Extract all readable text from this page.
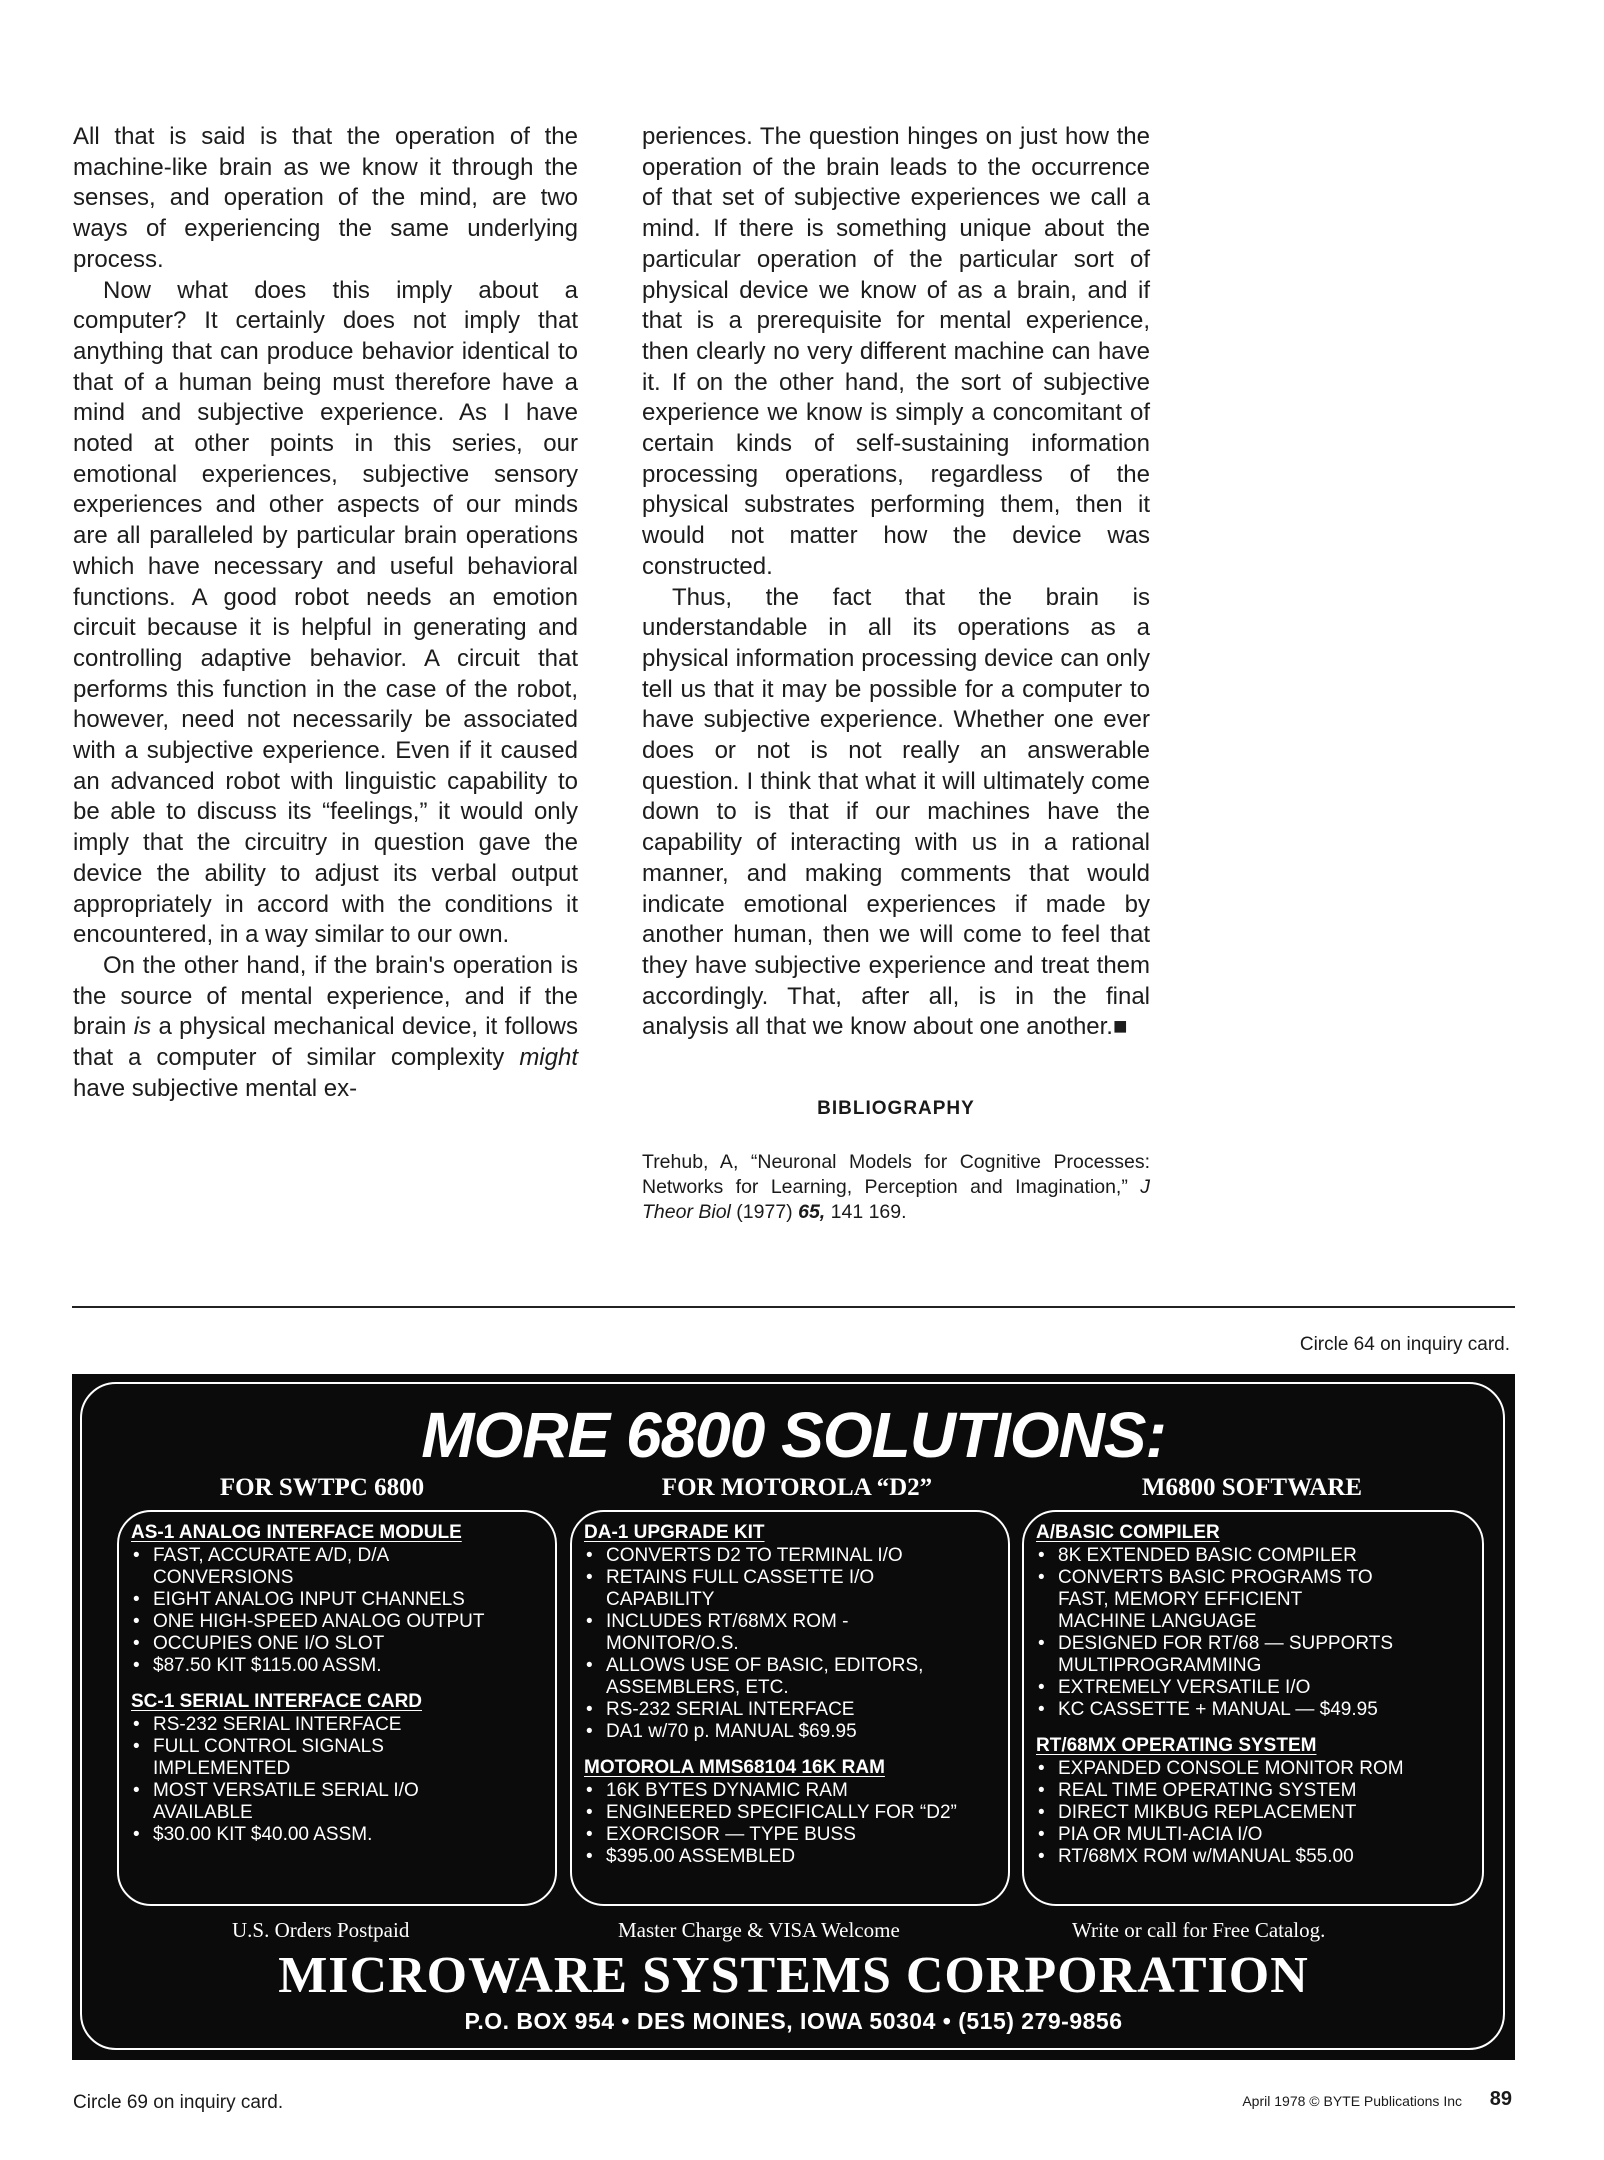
All that is said is that the operation of the machine-like brain as we know it through the senses, and operation of the mind, are two ways of experiencing the same underlying process.

Now what does this imply about a computer? It certainly does not imply that anything that can produce behavior identical to that of a human being must therefore have a mind and subjective experience. As I have noted at other points in this series, our emotional experiences, subjective sensory experiences and other aspects of our minds are all paralleled by particular brain operations which have necessary and useful behavioral functions. A good robot needs an emotion circuit because it is helpful in generating and controlling adaptive behavior. A circuit that performs this function in the case of the robot, however, need not necessarily be associated with a subjective experience. Even if it caused an advanced robot with linguistic capability to be able to discuss its “feelings,” it would only imply that the circuitry in question gave the device the ability to adjust its verbal output appropriately in accord with the conditions it encountered, in a way similar to our own.

On the other hand, if the brain's operation is the source of mental experience, and if the brain is a physical mechanical device, it follows that a computer of similar complexity might have subjective mental ex-

periences. The question hinges on just how the operation of the brain leads to the occurrence of that set of subjective experiences we call a mind. If there is something unique about the particular operation of the particular sort of physical device we know of as a brain, and if that is a prerequisite for mental experience, then clearly no very different machine can have it. If on the other hand, the sort of subjective experience we know is simply a concomitant of certain kinds of self-sustaining information processing operations, regardless of the physical substrates performing them, then it would not matter how the device was constructed.

Thus, the fact that the brain is understandable in all its operations as a physical information processing device can only tell us that it may be possible for a computer to have subjective experience. Whether one ever does or not is not really an answerable question. I think that what it will ultimately come down to is that if our machines have the capability of interacting with us in a rational manner, and making comments that would indicate emotional experiences if made by another human, then we will come to feel that they have subjective experience and treat them accordingly. That, after all, is in the final analysis all that we know about one another.■

BIBLIOGRAPHY
Trehub, A, “Neuronal Models for Cognitive Processes: Networks for Learning, Perception and Imagination,” J Theor Biol (1977) 65, 141 169.
Circle 64 on inquiry card.
MORE 6800 SOLUTIONS:
FOR SWTPC 6800	FOR MOTOROLA “D2”	M6800 SOFTWARE
AS-1 ANALOG INTERFACE MODULE
• FAST, ACCURATE A/D, D/A
CONVERSIONS
• EIGHT ANALOG INPUT CHANNELS
• ONE HIGH-SPEED ANALOG OUTPUT
• OCCUPIES ONE I/O SLOT
• $87.50 KIT $115.00 ASSM.
SC-1 SERIAL INTERFACE CARD
• RS-232 SERIAL INTERFACE
• FULL CONTROL SIGNALS
IMPLEMENTED
• MOST VERSATILE SERIAL I/O
AVAILABLE
• $30.00 KIT $40.00 ASSM.
DA-1 UPGRADE KIT
• CONVERTS D2 TO TERMINAL I/O
• RETAINS FULL CASSETTE I/O
CAPABILITY
• INCLUDES RT/68MX ROM -
MONITOR/O.S.
• ALLOWS USE OF BASIC, EDITORS,
ASSEMBLERS, ETC.
• RS-232 SERIAL INTERFACE
• DA1 w/70 p. MANUAL $69.95
MOTOROLA MMS68104 16K RAM
• 16K BYTES DYNAMIC RAM
• ENGINEERED SPECIFICALLY FOR “D2”
• EXORCISOR — TYPE BUSS
• $395.00 ASSEMBLED
A/BASIC COMPILER
• 8K EXTENDED BASIC COMPILER
• CONVERTS BASIC PROGRAMS TO
FAST, MEMORY EFFICIENT
MACHINE LANGUAGE
• DESIGNED FOR RT/68 — SUPPORTS
MULTIPROGRAMMING
• EXTREMELY VERSATILE I/O
• KC CASSETTE + MANUAL — $49.95
RT/68MX OPERATING SYSTEM
• EXPANDED CONSOLE MONITOR ROM
• REAL TIME OPERATING SYSTEM
• DIRECT MIKBUG REPLACEMENT
• PIA OR MULTI-ACIA I/O
• RT/68MX ROM w/MANUAL $55.00
U.S. Orders Postpaid	Master Charge & VISA Welcome	Write or call for Free Catalog.
MICROWARE SYSTEMS CORPORATION
P.O. BOX 954 • DES MOINES, IOWA 50304 • (515) 279-9856
Circle 69 on inquiry card.	April 1978 © BYTE Publications Inc	89
